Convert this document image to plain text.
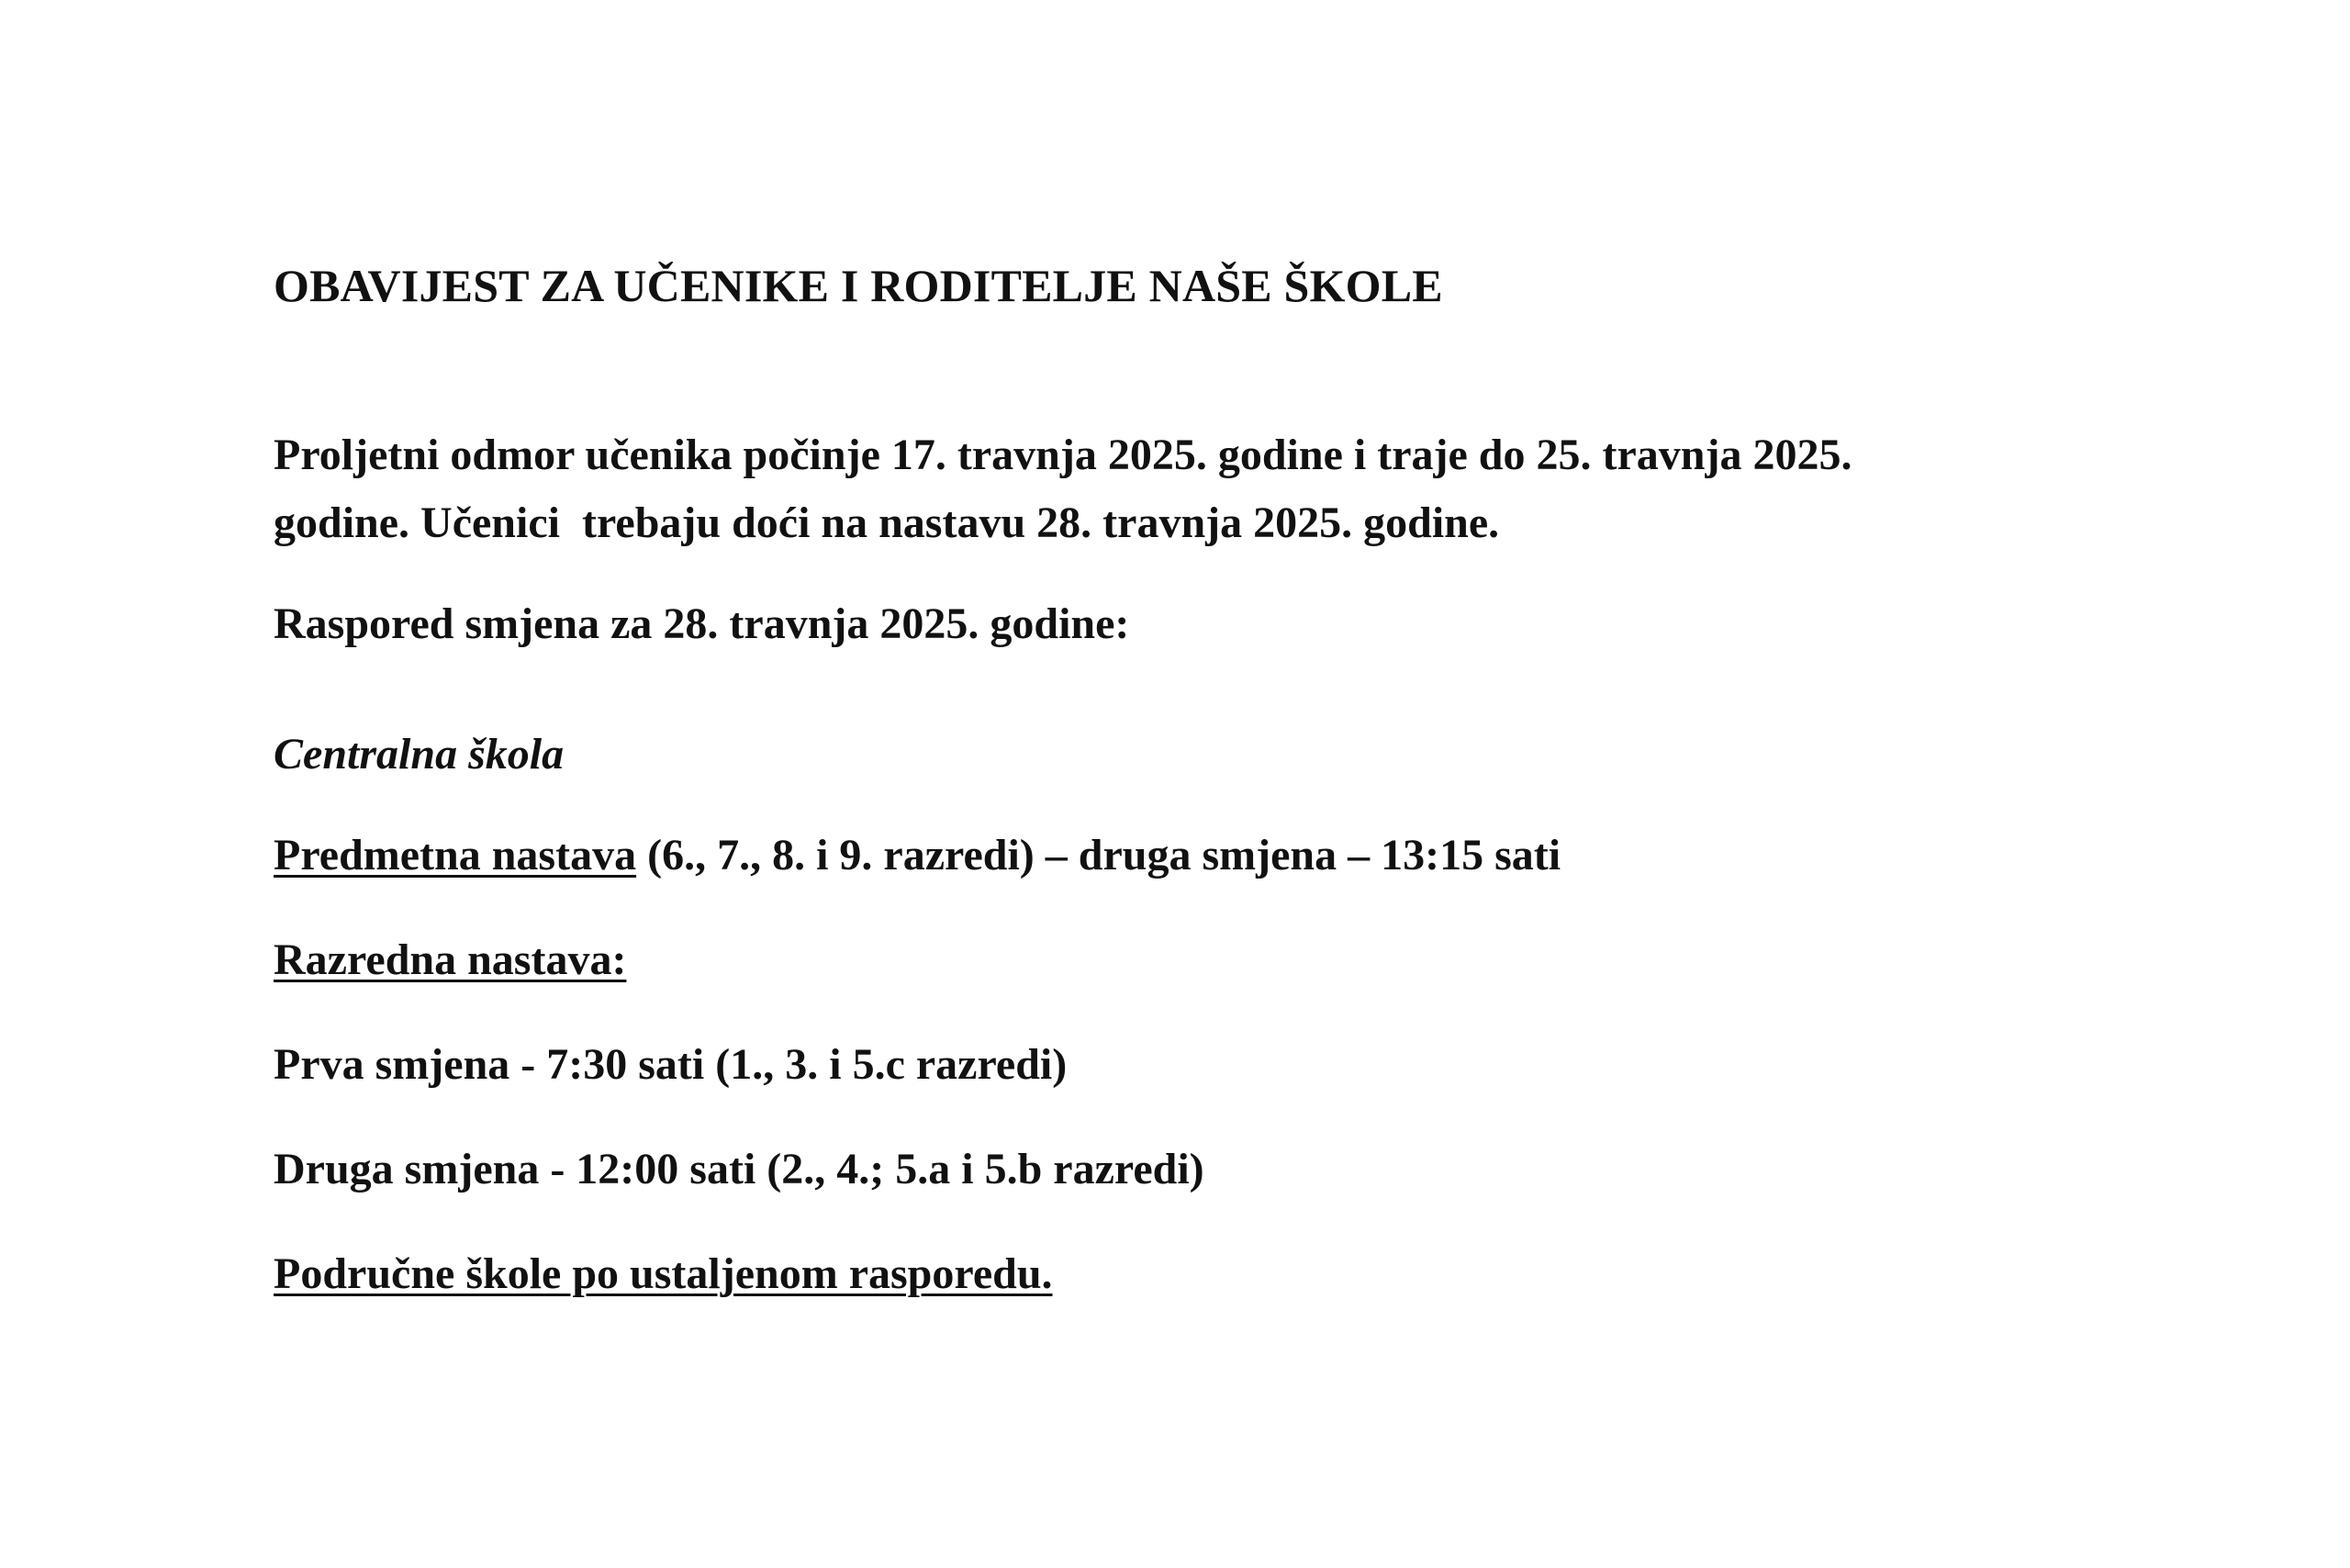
OBAVIJEST ZA UČENIKE I RODITELJE NAŠE ŠKOLE

Proljetni odmor učenika počinje 17. travnja 2025. godine i traje do 25. travnja 2025.

godine. Učenici  trebaju doći na nastavu 28. travnja 2025. godine.

Raspored smjena za 28. travnja 2025. godine:

Centralna škola

Predmetna nastava (6., 7., 8. i 9. razredi) – druga smjena – 13:15 sati

Razredna nastava:

Prva smjena - 7:30 sati (1., 3. i 5.c razredi)

Druga smjena - 12:00 sati (2., 4.; 5.a i 5.b razredi)

Područne škole po ustaljenom rasporedu.
